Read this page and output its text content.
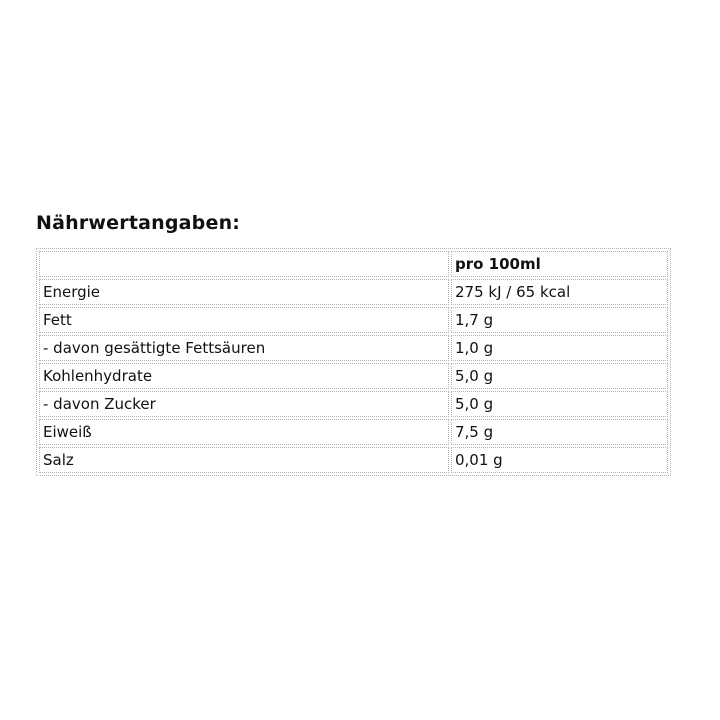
Nährwertangaben:
	pro 100ml
Energie	275 kJ / 65 kcal
Fett	1,7 g
- davon gesättigte Fettsäuren	1,0 g
Kohlenhydrate	5,0 g
- davon Zucker	5,0 g
Eiweiß	7,5 g
Salz	0,01 g
